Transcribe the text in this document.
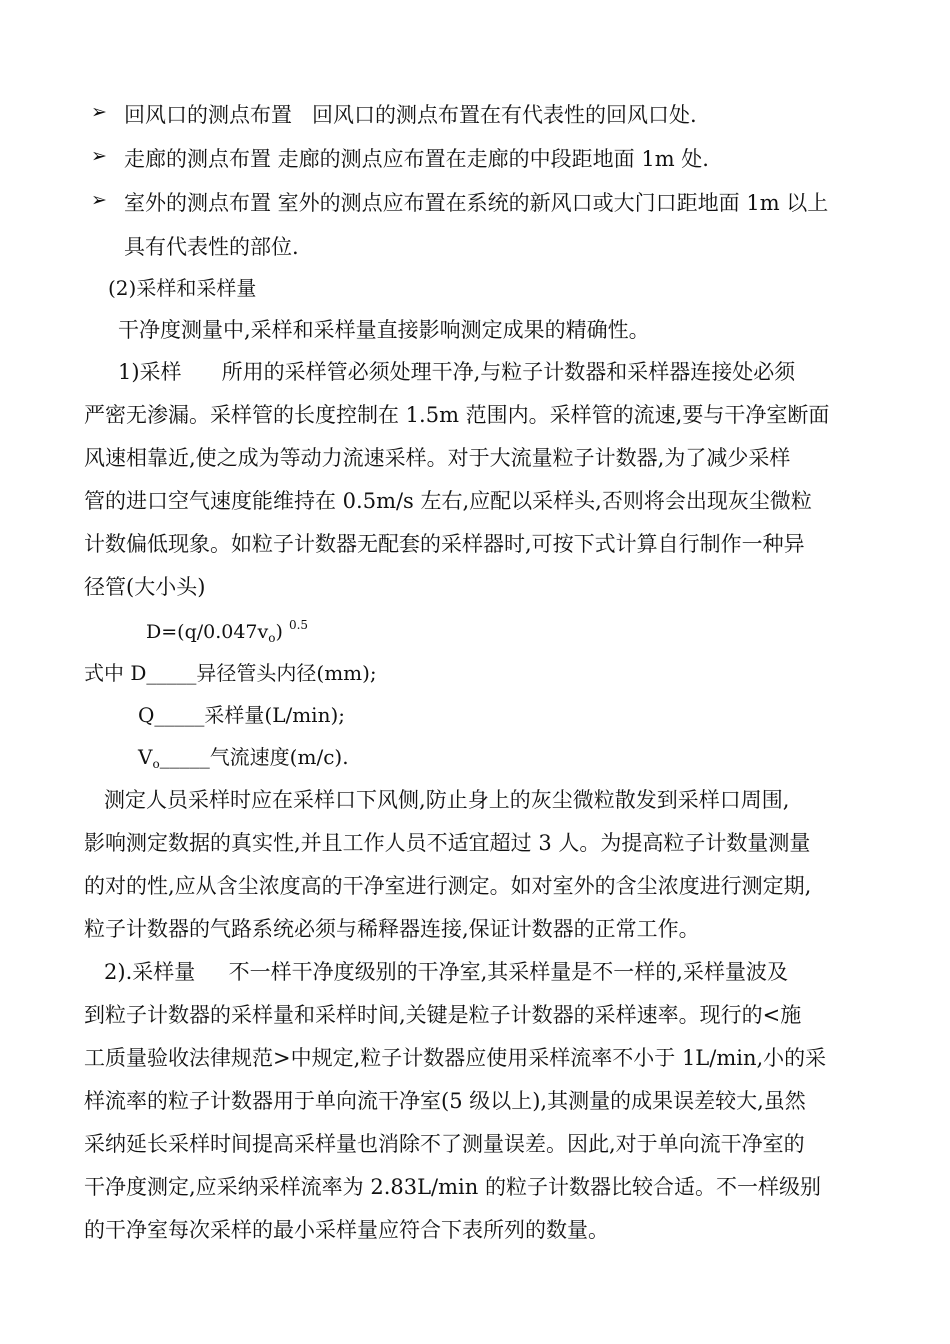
➢ 回风口的测点布置   回风口的测点布置在有代表性的回风口处.
➢ 走廊的测点布置 走廊的测点应布置在走廊的中段距地面 1m 处.
➢ 室外的测点布置 室外的测点应布置在系统的新风口或大门口距地面 1m 以上
具有代表性的部位.
(2)采样和采样量
干净度测量中,采样和采样量直接影响测定成果的精确性。
1)采样      所用的采样管必须处理干净,与粒子计数器和采样器连接处必须
严密无渗漏。采样管的长度控制在 1.5m 范围内。采样管的流速,要与干净室断面
风速相靠近,使之成为等动力流速采样。对于大流量粒子计数器,为了减少采样
管的进口空气速度能维持在 0.5m/s 左右,应配以采样头,否则将会出现灰尘微粒
计数偏低现象。如粒子计数器无配套的采样器时,可按下式计算自行制作一种异
径管(大小头)
$D=(q/0.047v_o)$ $^{0.5}$
式中 D_____异径管头内径(mm);
Q_____采样量(L/min);
$V_o\_\_\_\_\_$气流速度(m/c).
测定人员采样时应在采样口下风侧,防止身上的灰尘微粒散发到采样口周围,
影响测定数据的真实性,并且工作人员不适宜超过 3 人。为提高粒子计数量测量
的对的性,应从含尘浓度高的干净室进行测定。如对室外的含尘浓度进行测定期,
粒子计数器的气路系统必须与稀释器连接,保证计数器的正常工作。
2).采样量     不一样干净度级别的干净室,其采样量是不一样的,采样量波及
到粒子计数器的采样量和采样时间,关键是粒子计数器的采样速率。现行的<施
工质量验收法律规范>中规定,粒子计数器应使用采样流率不小于 1L/min,小的采
样流率的粒子计数器用于单向流干净室(5 级以上),其测量的成果误差较大,虽然
采纳延长采样时间提高采样量也消除不了测量误差。因此,对于单向流干净室的
干净度测定,应采纳采样流率为 2.83L/min 的粒子计数器比较合适。不一样级别
的干净室每次采样的最小采样量应符合下表所列的数量。
